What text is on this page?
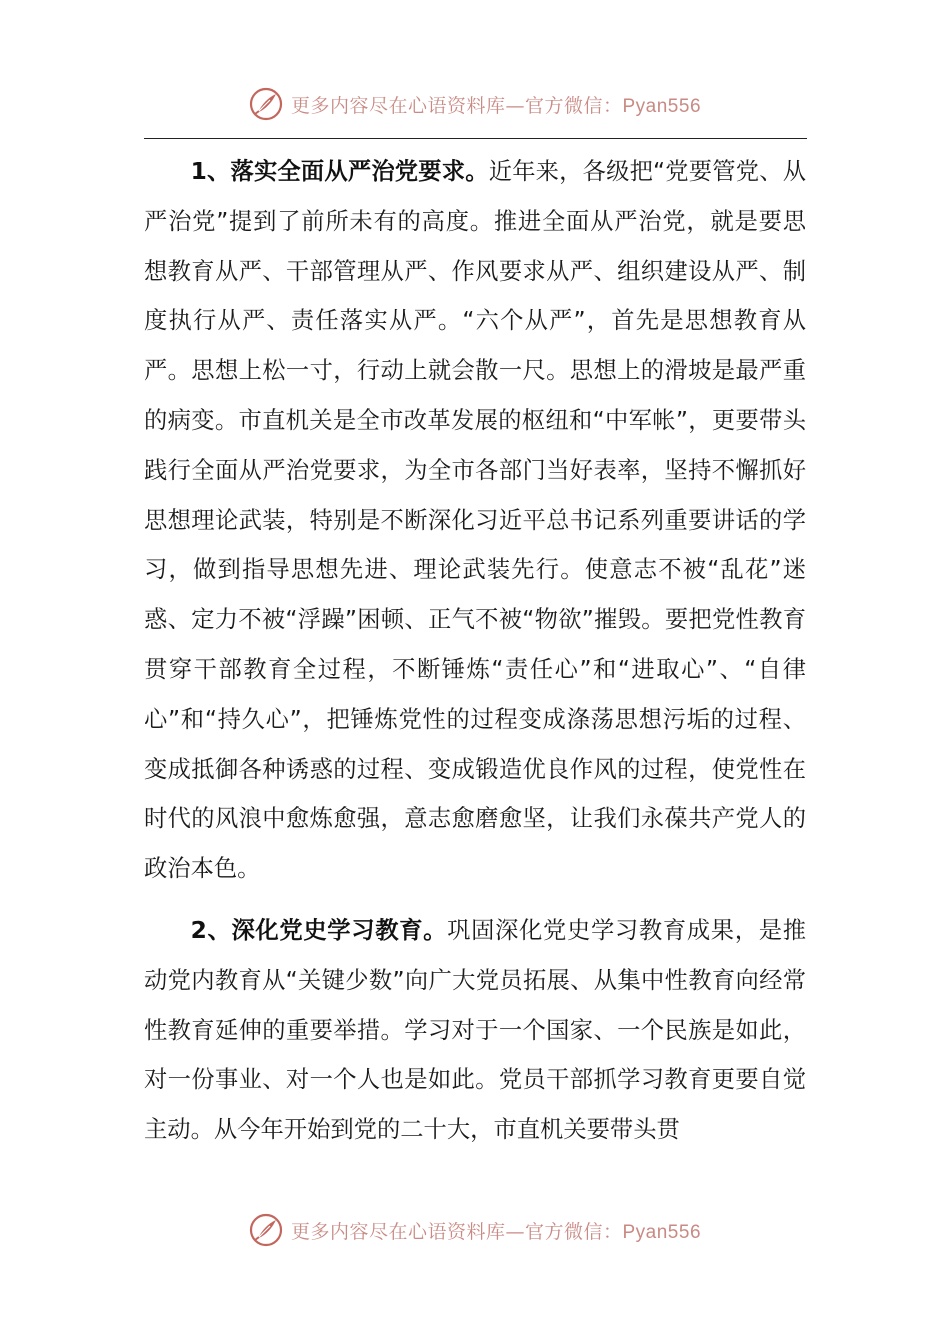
更多内容尽在心语资料库—官方微信：Pyan556

1、落实全面从严治党要求。近年来，各级把“党要管党、从严治党”提到了前所未有的高度。推进全面从严治党，就是要思想教育从严、干部管理从严、作风要求从严、组织建设从严、制度执行从严、责任落实从严。“六个从严”，首先是思想教育从严。思想上松一寸，行动上就会散一尺。思想上的滑坡是最严重的病变。市直机关是全市改革发展的枢纽和“中军帐”，更要带头践行全面从严治党要求，为全市各部门当好表率，坚持不懈抓好思想理论武装，特别是不断深化习近平总书记系列重要讲话的学习，做到指导思想先进、理论武装先行。使意志不被“乱花”迷惑、定力不被“浮躁”困顿、正气不被“物欲”摧毁。要把党性教育贯穿干部教育全过程，不断锤炼“责任心”和“进取心”、“自律心”和“持久心”，把锤炼党性的过程变成涤荡思想污垢的过程、变成抵御各种诱惑的过程、变成锻造优良作风的过程，使党性在时代的风浪中愈炼愈强，意志愈磨愈坚，让我们永葆共产党人的政治本色。

2、深化党史学习教育。巩固深化党史学习教育成果，是推动党内教育从“关键少数”向广大党员拓展、从集中性教育向经常性教育延伸的重要举措。学习对于一个国家、一个民族是如此，对一份事业、对一个人也是如此。党员干部抓学习教育更要自觉主动。从今年开始到党的二十大，市直机关要带头贯

更多内容尽在心语资料库—官方微信：Pyan556
